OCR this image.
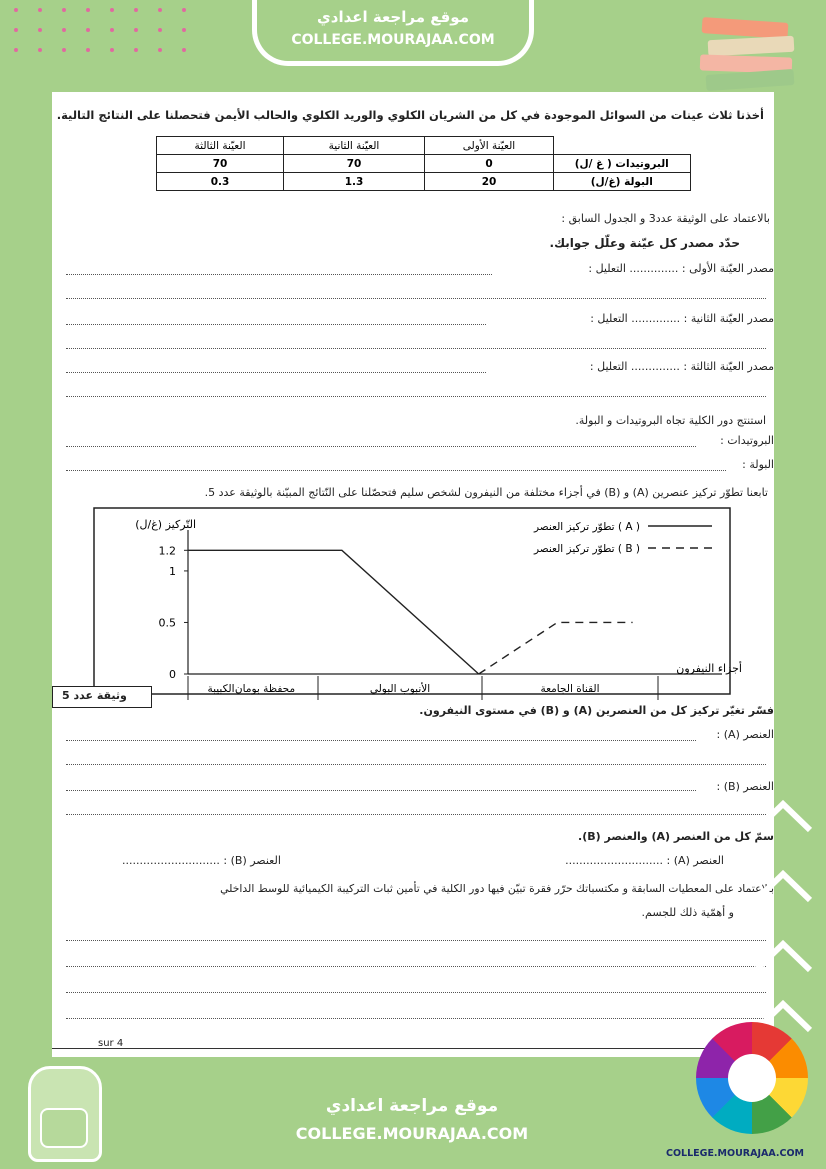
موقع مراجعة اعدادي
COLLEGE.MOURAJAA.COM
أخذنا ثلاث عينات من السوائل الموجودة في كل من الشريان الكلوي والوريد الكلوي والحالب الأيمن فتحصلنا على النتائج التالية.
	العيّنة الأولى	العيّنة الثانية	العيّنة الثالثة
البروتيدات ( غ /ل)	0	70	70
البولة (غ/ل)	20	1.3	0.3
بالاعتماد على الوثيقة عدد3 و الجدول السابق :
حدّد مصدر كل عيّنة وعلّل جوابك.
مصدر العيّنة الأولى : .............. التعليل :
مصدر العيّنة الثانية : .............. التعليل :
مصدر العيّنة الثالثة : .............. التعليل :
استنتج دور الكلية تجاه البروتيدات و البولة.
البروتيدات :
البولة :
تابعنا تطوّر تركيز عنصرين (A) و (B) في أجزاء مختلفة من النيفرون لشخص سليم فتحصّلنا على النّتائج المبيّنة بالوثيقة عدد 5.
التّركيز (غ/ل)
أجزاء النيفرون
0
0.5
1
1.2
تطوّر تركيز العنصر ( A )
تطوّر تركيز العنصر ( B )
محفظة بومان
الكبيبة	الأنبوب البولي	القناة الجامعة
وثيقة عدد 5
فسّر تغيّر تركيز كل من العنصرين (A) و (B) في مستوى النيفرون.
العنصر (A) :
العنصر (B) :
سمّ كل من العنصر (A) والعنصر (B).
العنصر (A) : ............................
العنصر (B) : ............................
بالاعتماد على المعطيات السابقة و مكتسباتك حرّر فقرة تبيّن فيها دور الكلية في تأمين ثبات التركيبة الكيميائية للوسط الداخلي
و أهمّية ذلك للجسم.
sur 4
موقع مراجعة اعدادي
COLLEGE.MOURAJAA.COM
COLLEGE.MOURAJAA.COM
